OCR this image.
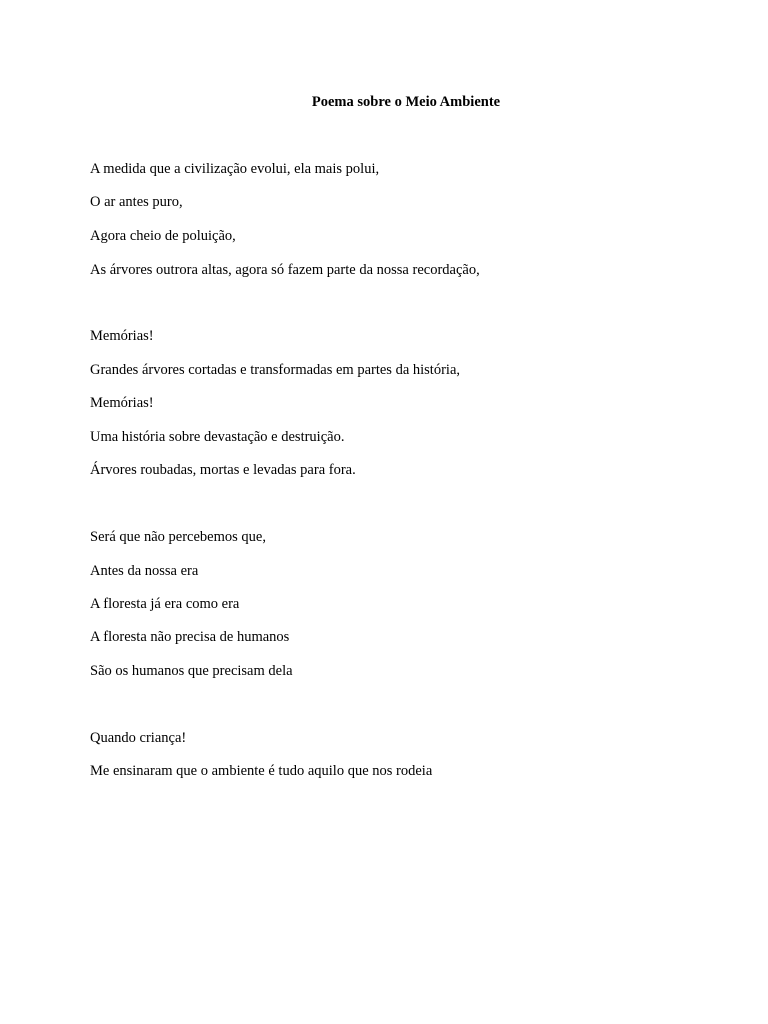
Poema sobre o Meio Ambiente

A medida que a civilização evolui, ela mais polui,

O ar antes puro,

Agora cheio de poluição,

As árvores outrora altas, agora só fazem parte da nossa recordação,

Memórias!

Grandes árvores cortadas e transformadas em partes da história,

Memórias!

Uma história sobre devastação e destruição.

Árvores roubadas, mortas e levadas para fora.

Será que não percebemos que,

Antes da nossa era

A floresta já era como era

A floresta não precisa de humanos

São os humanos que precisam dela

Quando criança!

Me ensinaram que o ambiente é tudo aquilo que nos rodeia
